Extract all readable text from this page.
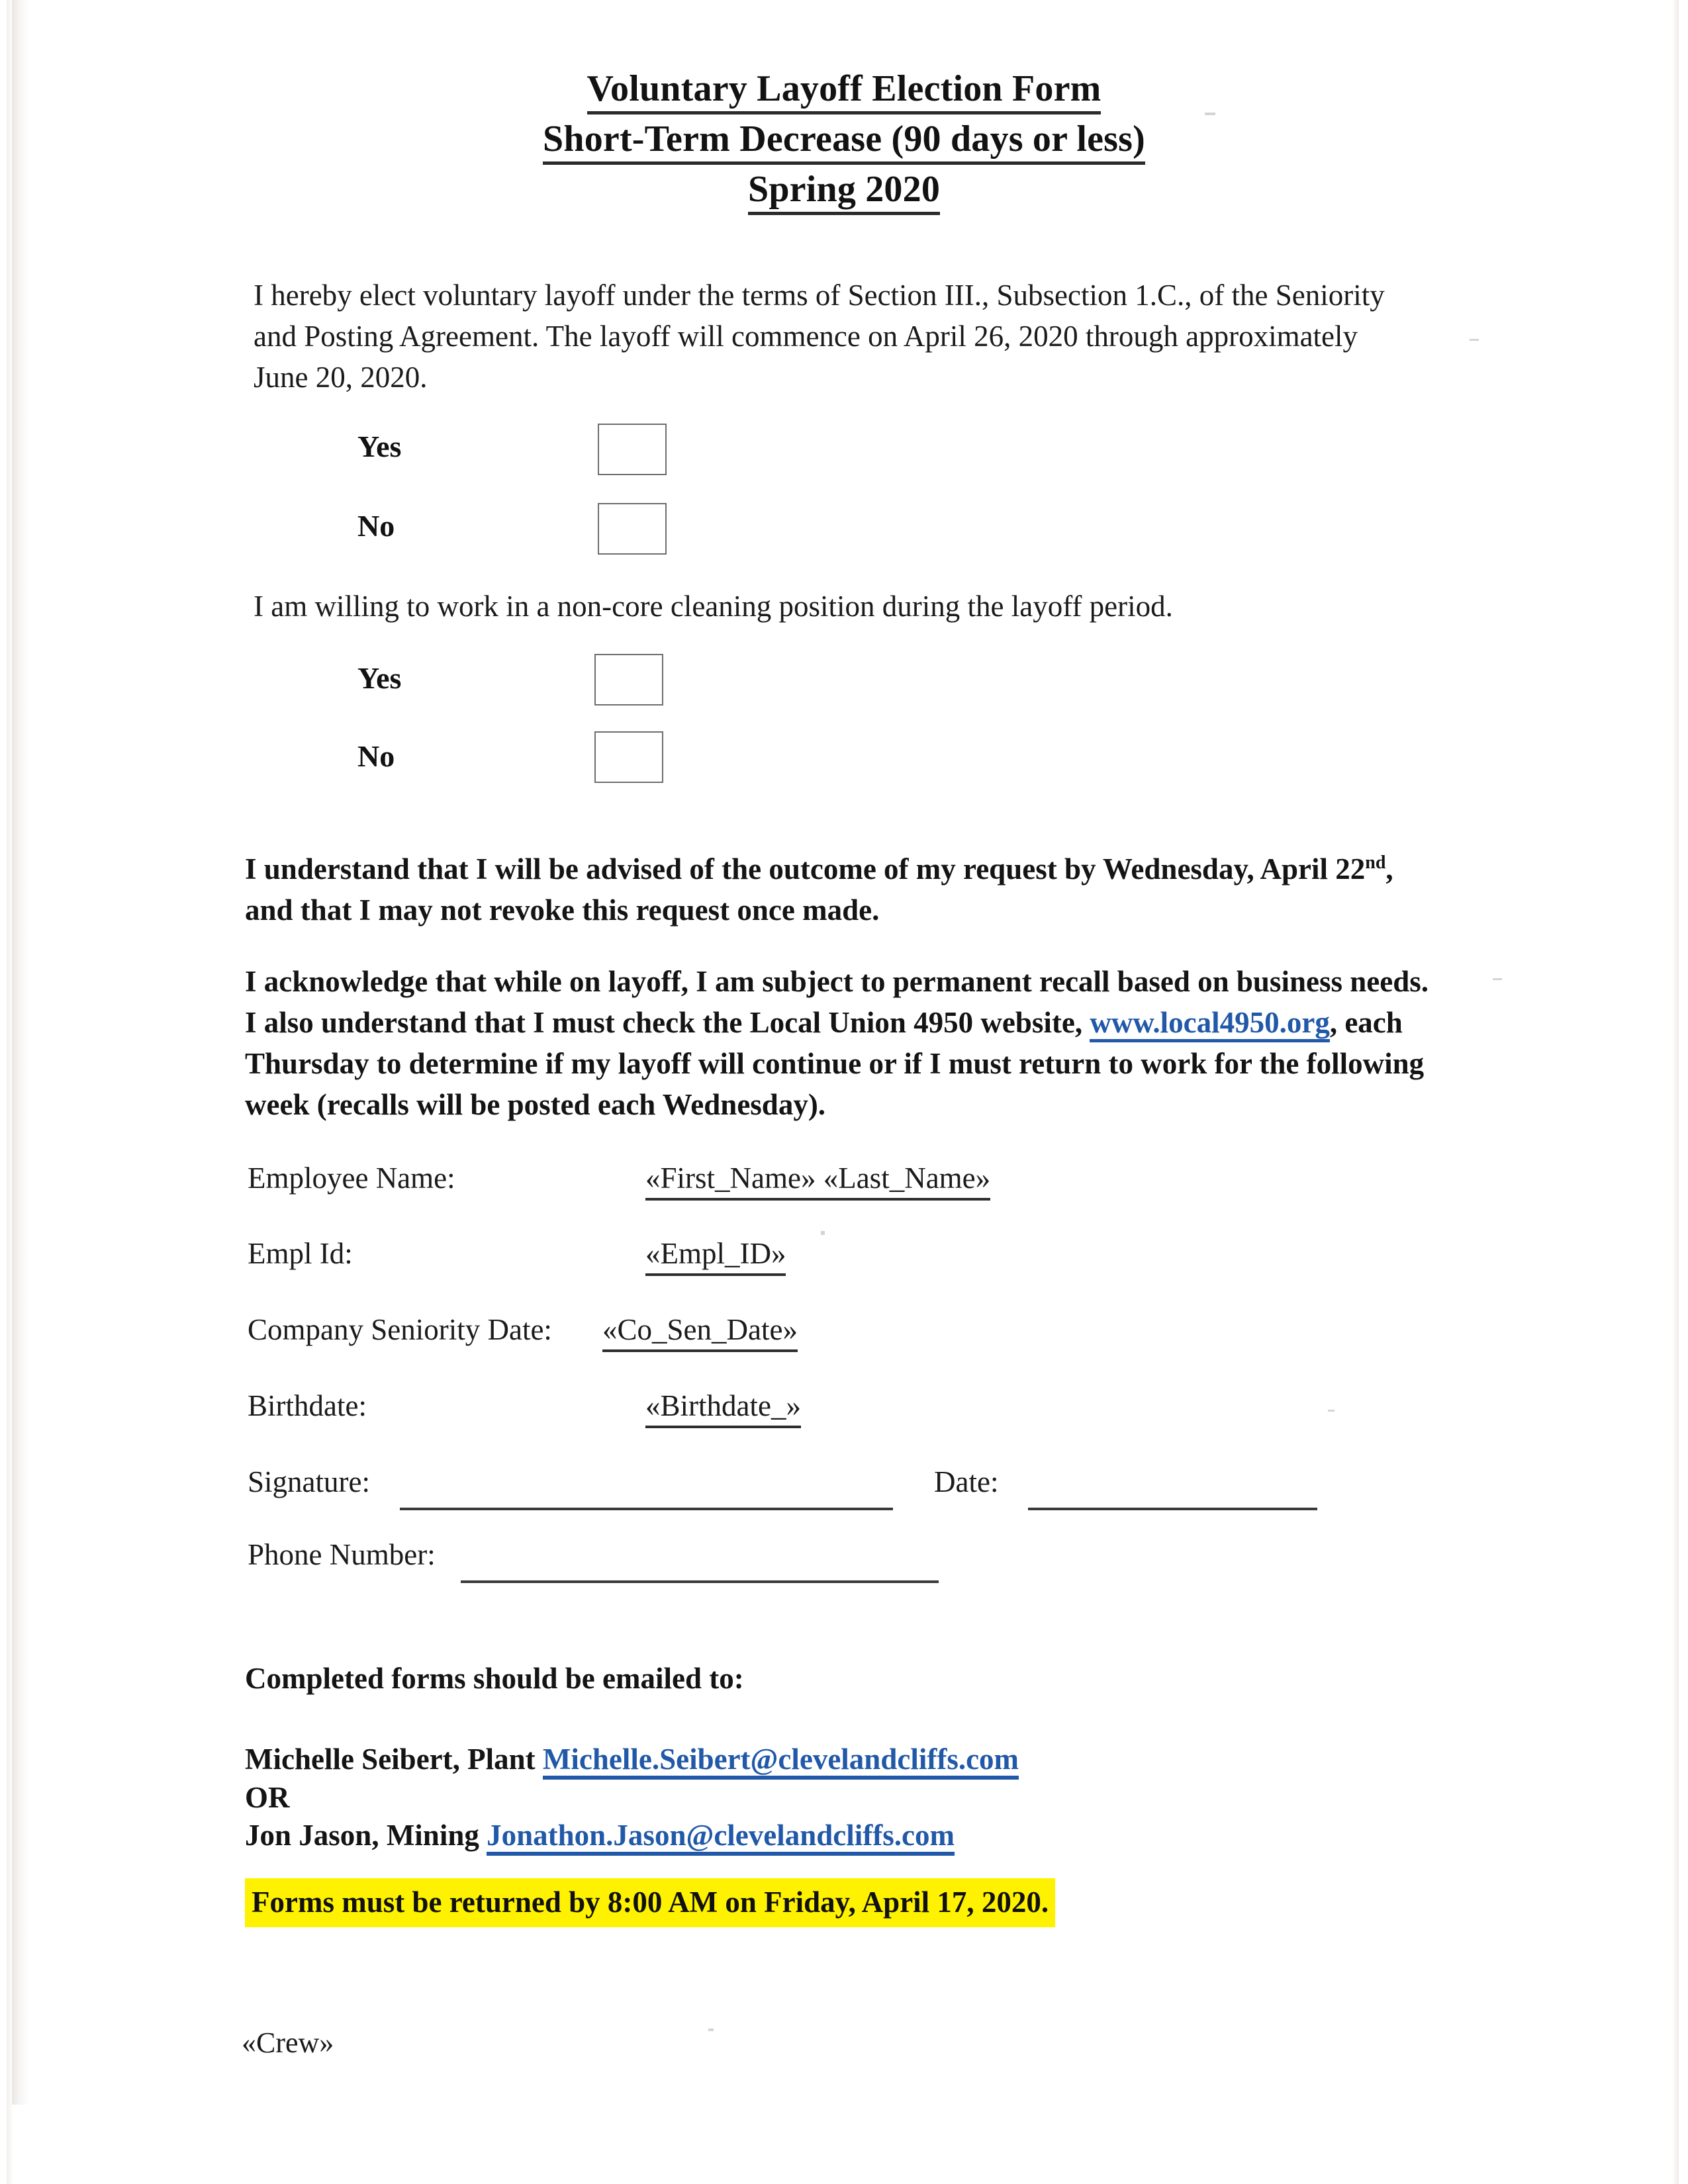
Voluntary Layoff Election Form
Short-Term Decrease (90 days or less)
Spring 2020
I hereby elect voluntary layoff under the terms of Section III., Subsection 1.C., of the Seniority and Posting Agreement. The layoff will commence on April 26, 2020 through approximately June 20, 2020.
Yes
No
I am willing to work in a non-core cleaning position during the layoff period.
Yes
No
I understand that I will be advised of the outcome of my request by Wednesday, April 22nd, and that I may not revoke this request once made.
I acknowledge that while on layoff, I am subject to permanent recall based on business needs. I also understand that I must check the Local Union 4950 website, www.local4950.org, each Thursday to determine if my layoff will continue or if I must return to work for the following week (recalls will be posted each Wednesday).
Employee Name:	«First_Name» «Last_Name»
Empl Id:	«Empl_ID»
Company Seniority Date: «Co_Sen_Date»
Birthdate:	«Birthdate_»
Signature:	Date:
Phone Number:
Completed forms should be emailed to:
Michelle Seibert, Plant Michelle.Seibert@clevelandcliffs.com
OR
Jon Jason, Mining Jonathon.Jason@clevelandcliffs.com
Forms must be returned by 8:00 AM on Friday, April 17, 2020.
«Crew»
